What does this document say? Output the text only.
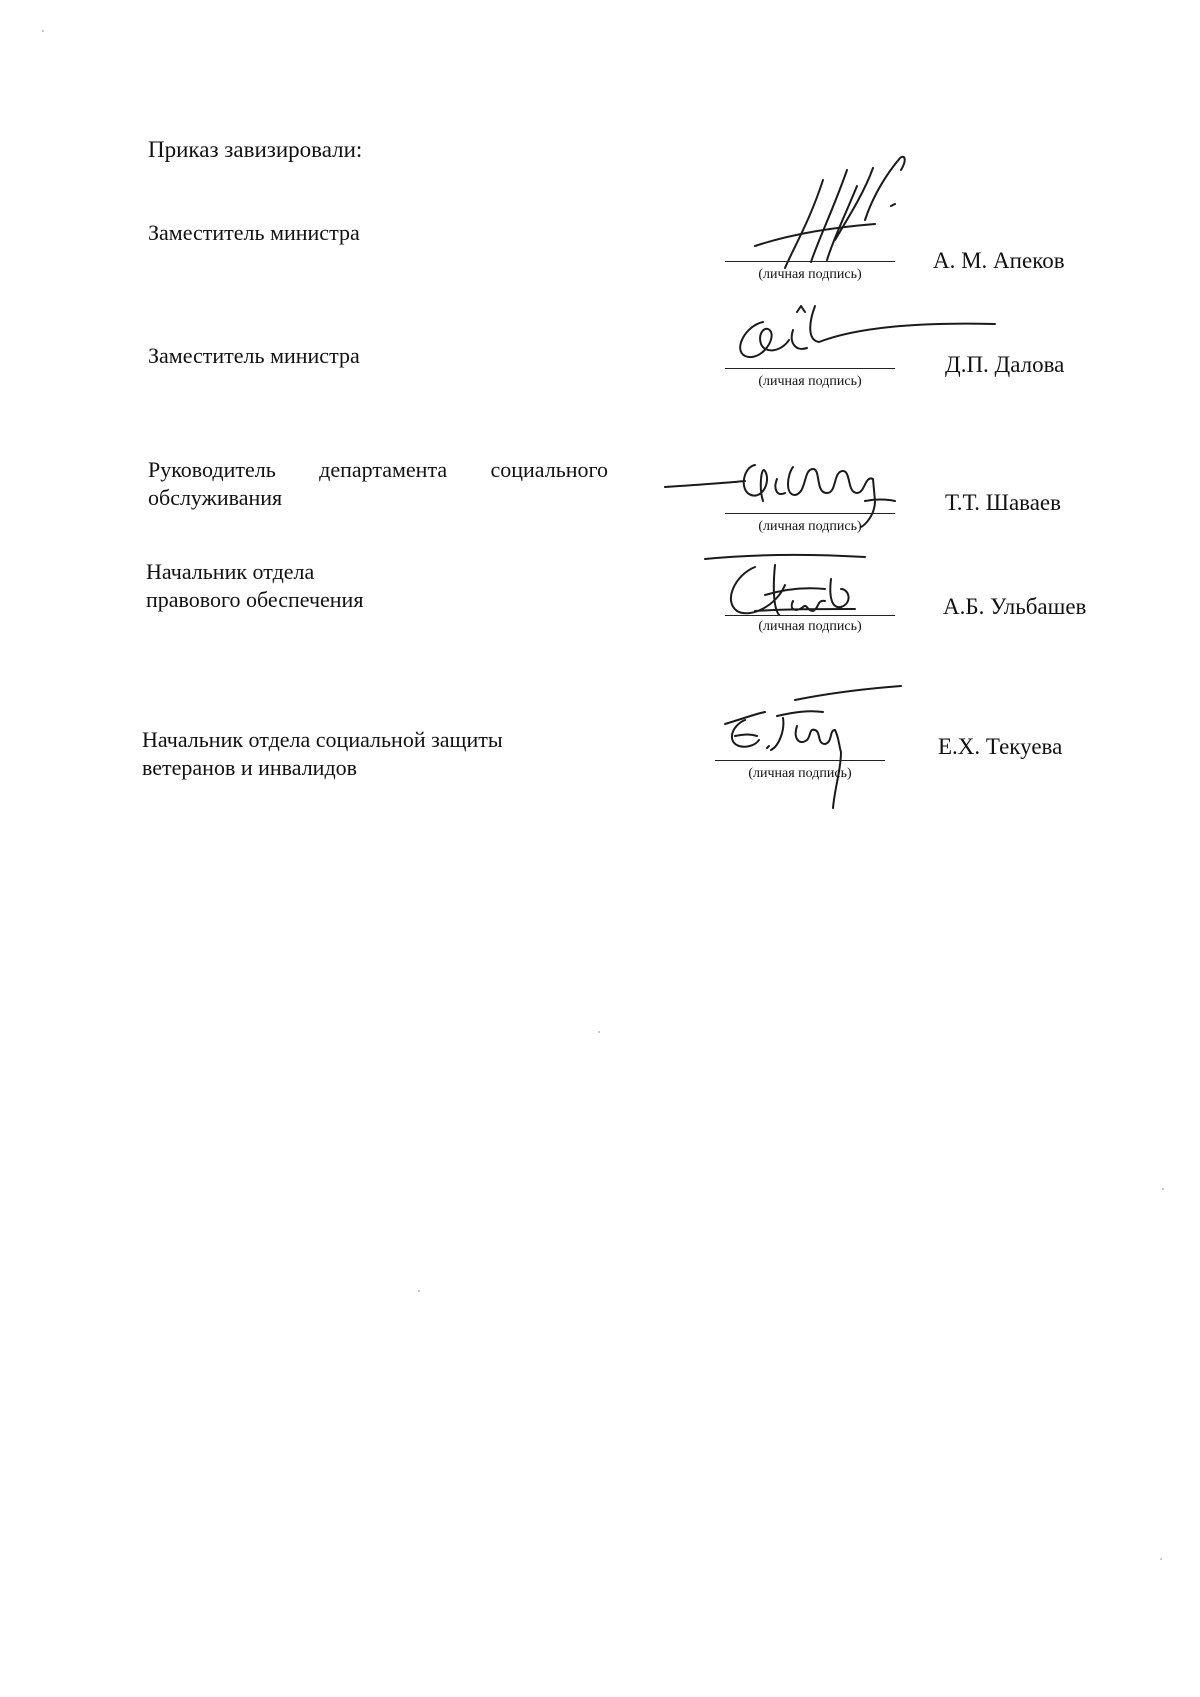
Приказ завизировали:
Заместитель министра
(личная подпись)
А. М. Апеков
Заместитель министра
(личная подпись)
Д.П. Далова
Руководитель департамента социального
обслуживания
(личная подпись)
Т.Т. Шаваев
Начальник отдела
правового обеспечения
(личная подпись)
А.Б. Ульбашев
Начальник отдела социальной защиты
ветеранов и инвалидов	(личная подпись)
Е.Х. Текуева
